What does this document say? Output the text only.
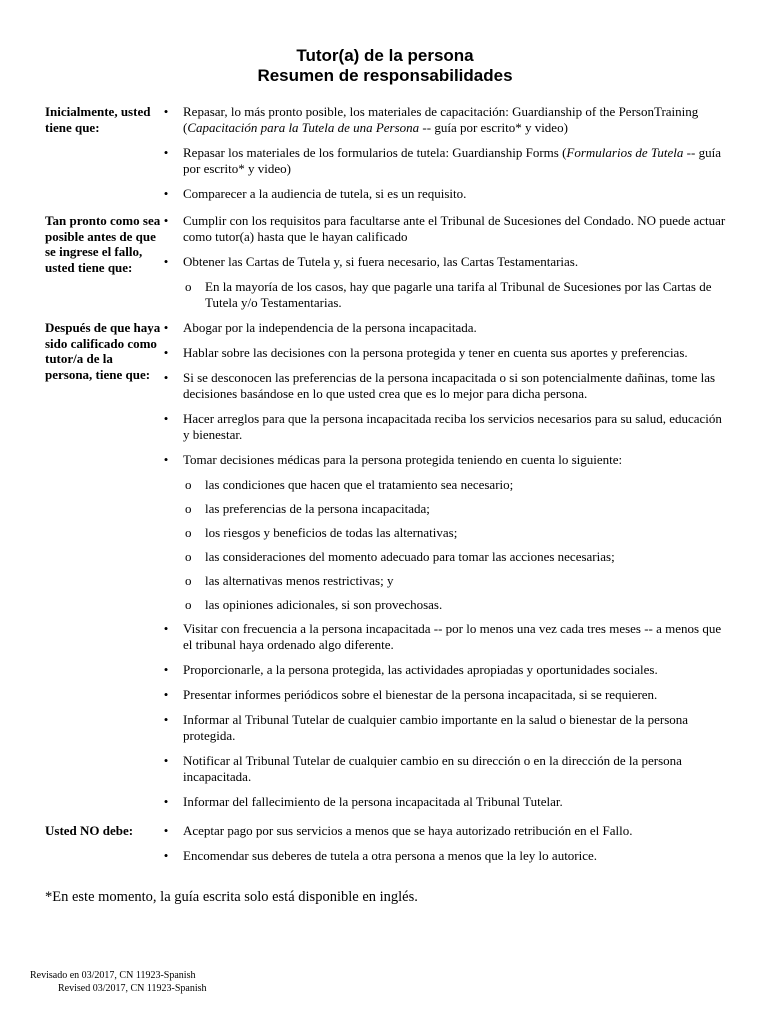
Tutor(a) de la persona
Resumen de responsabilidades
Inicialmente, usted tiene que:
•	Repasar, lo más pronto posible, los materiales de capacitación: Guardianship of the PersonTraining (Capacitación para la Tutela de una Persona -- guía por escrito* y video)
•	Repasar los materiales de los formularios de tutela: Guardianship Forms (Formularios de Tutela -- guía por escrito* y video)
•	Comparecer a la audiencia de tutela, si es un requisito.
Tan pronto como sea posible antes de que se ingrese el fallo, usted tiene que:
•	Cumplir con los requisitos para facultarse ante el Tribunal de Sucesiones del Condado. NO puede actuar como tutor(a) hasta que le hayan calificado
•	Obtener las Cartas de Tutela y, si fuera necesario, las Cartas Testamentarias.
o En la mayoría de los casos, hay que pagarle una tarifa al Tribunal de Sucesiones por las Cartas de Tutela y/o Testamentarias.
Después de que haya sido calificado como tutor/a de la persona, tiene que:
•	Abogar por la independencia de la persona incapacitada.
•	Hablar sobre las decisiones con la persona protegida y tener en cuenta sus aportes y preferencias.
•	Si se desconocen las preferencias de la persona incapacitada o si son potencialmente dañinas, tome las decisiones basándose en lo que usted crea que es lo mejor para dicha persona.
•	Hacer arreglos para que la persona incapacitada reciba los servicios necesarios para su salud, educación y bienestar.
•	Tomar decisiones médicas para la persona protegida teniendo en cuenta lo siguiente:
o las condiciones que hacen que el tratamiento sea necesario;
o las preferencias de la persona incapacitada;
o los riesgos y beneficios de todas las alternativas;
o las consideraciones del momento adecuado para tomar las acciones necesarias;
o las alternativas menos restrictivas; y
o las opiniones adicionales, si son provechosas.
•	Visitar con frecuencia a la persona incapacitada -- por lo menos una vez cada tres meses -- a menos que el tribunal haya ordenado algo diferente.
•	Proporcionarle, a la persona protegida, las actividades apropiadas y oportunidades sociales.
•	Presentar informes periódicos sobre el bienestar de la persona incapacitada, si se requieren.
•	Informar al Tribunal Tutelar de cualquier cambio importante en la salud o bienestar de la persona protegida.
•	Notificar al Tribunal Tutelar de cualquier cambio en su dirección o en la dirección de la persona incapacitada.
•	Informar del fallecimiento de la persona incapacitada al Tribunal Tutelar.
Usted NO debe:	•	Aceptar pago por sus servicios a menos que se haya autorizado retribución en el Fallo.
•	Encomendar sus deberes de tutela a otra persona a menos que la ley lo autorice.
*En este momento, la guía escrita solo está disponible en inglés.
Revisado en 03/2017, CN 11923-Spanish
Revised 03/2017, CN 11923-Spanish
